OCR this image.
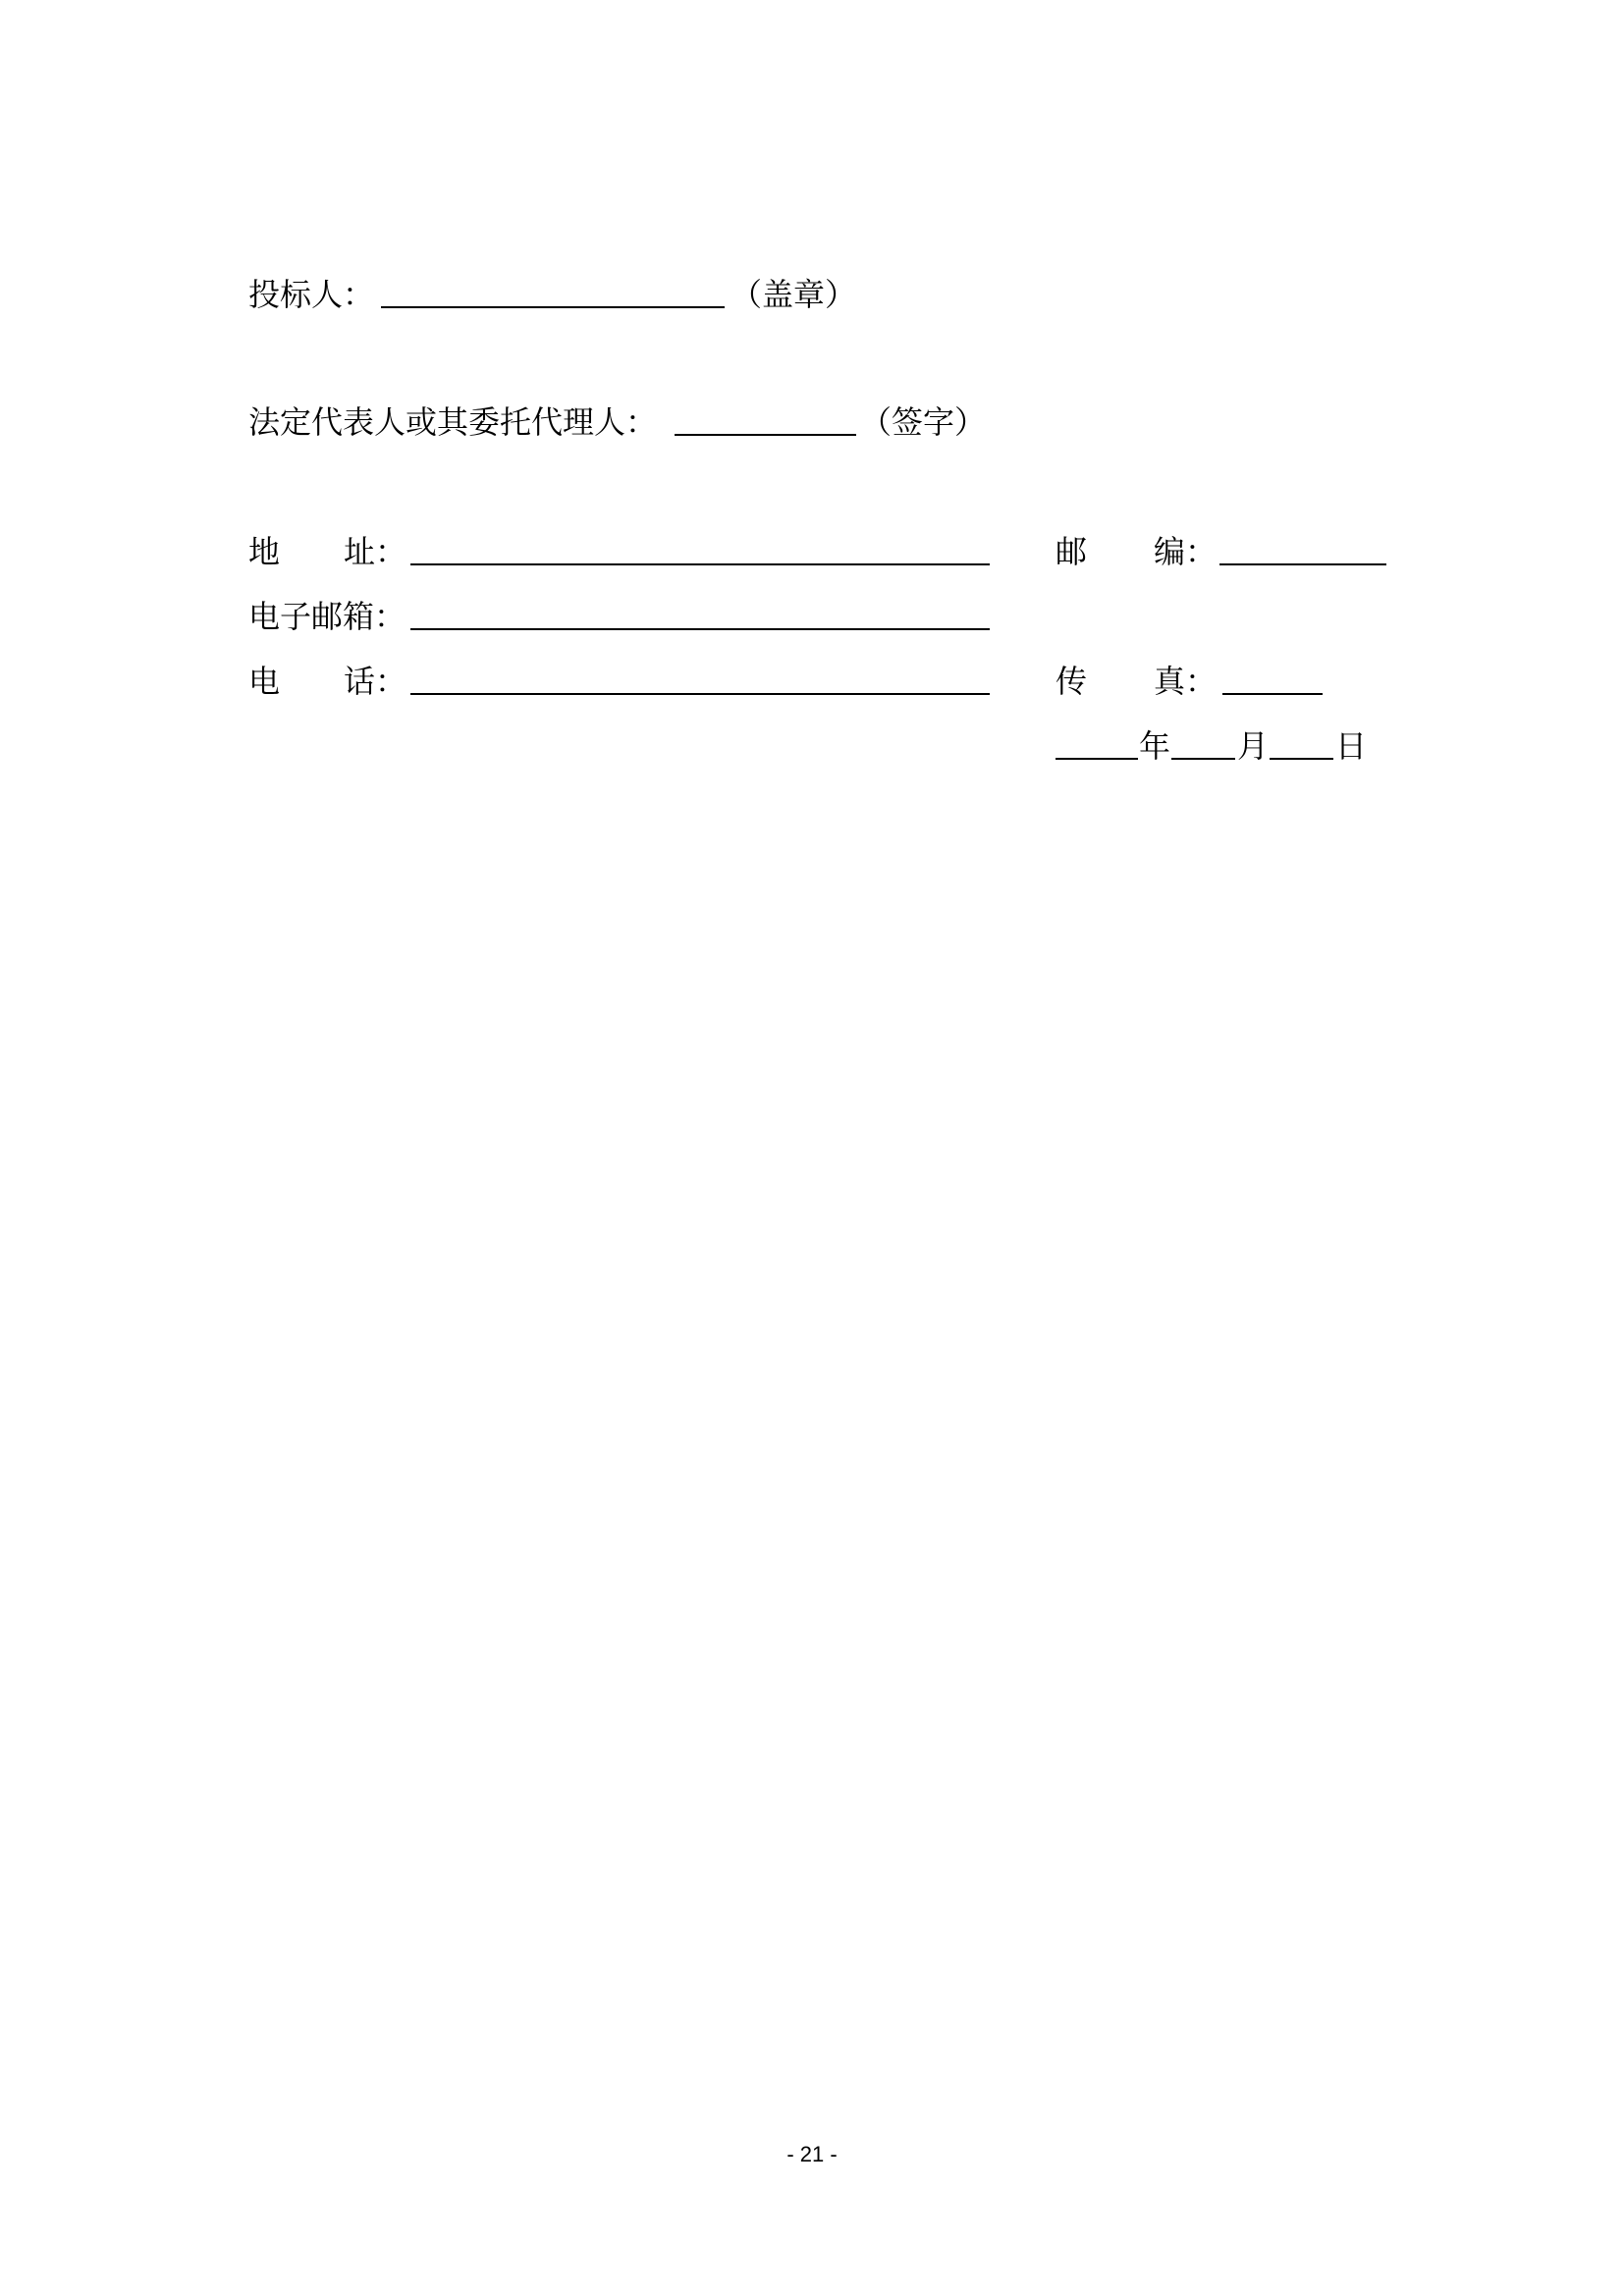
投标人：	（盖章）
法定代表人或其委托代理人：	（签字）
地 址：	邮 编：
电子邮箱：
电 话：	传 真：
年 月 日
- 21 -
